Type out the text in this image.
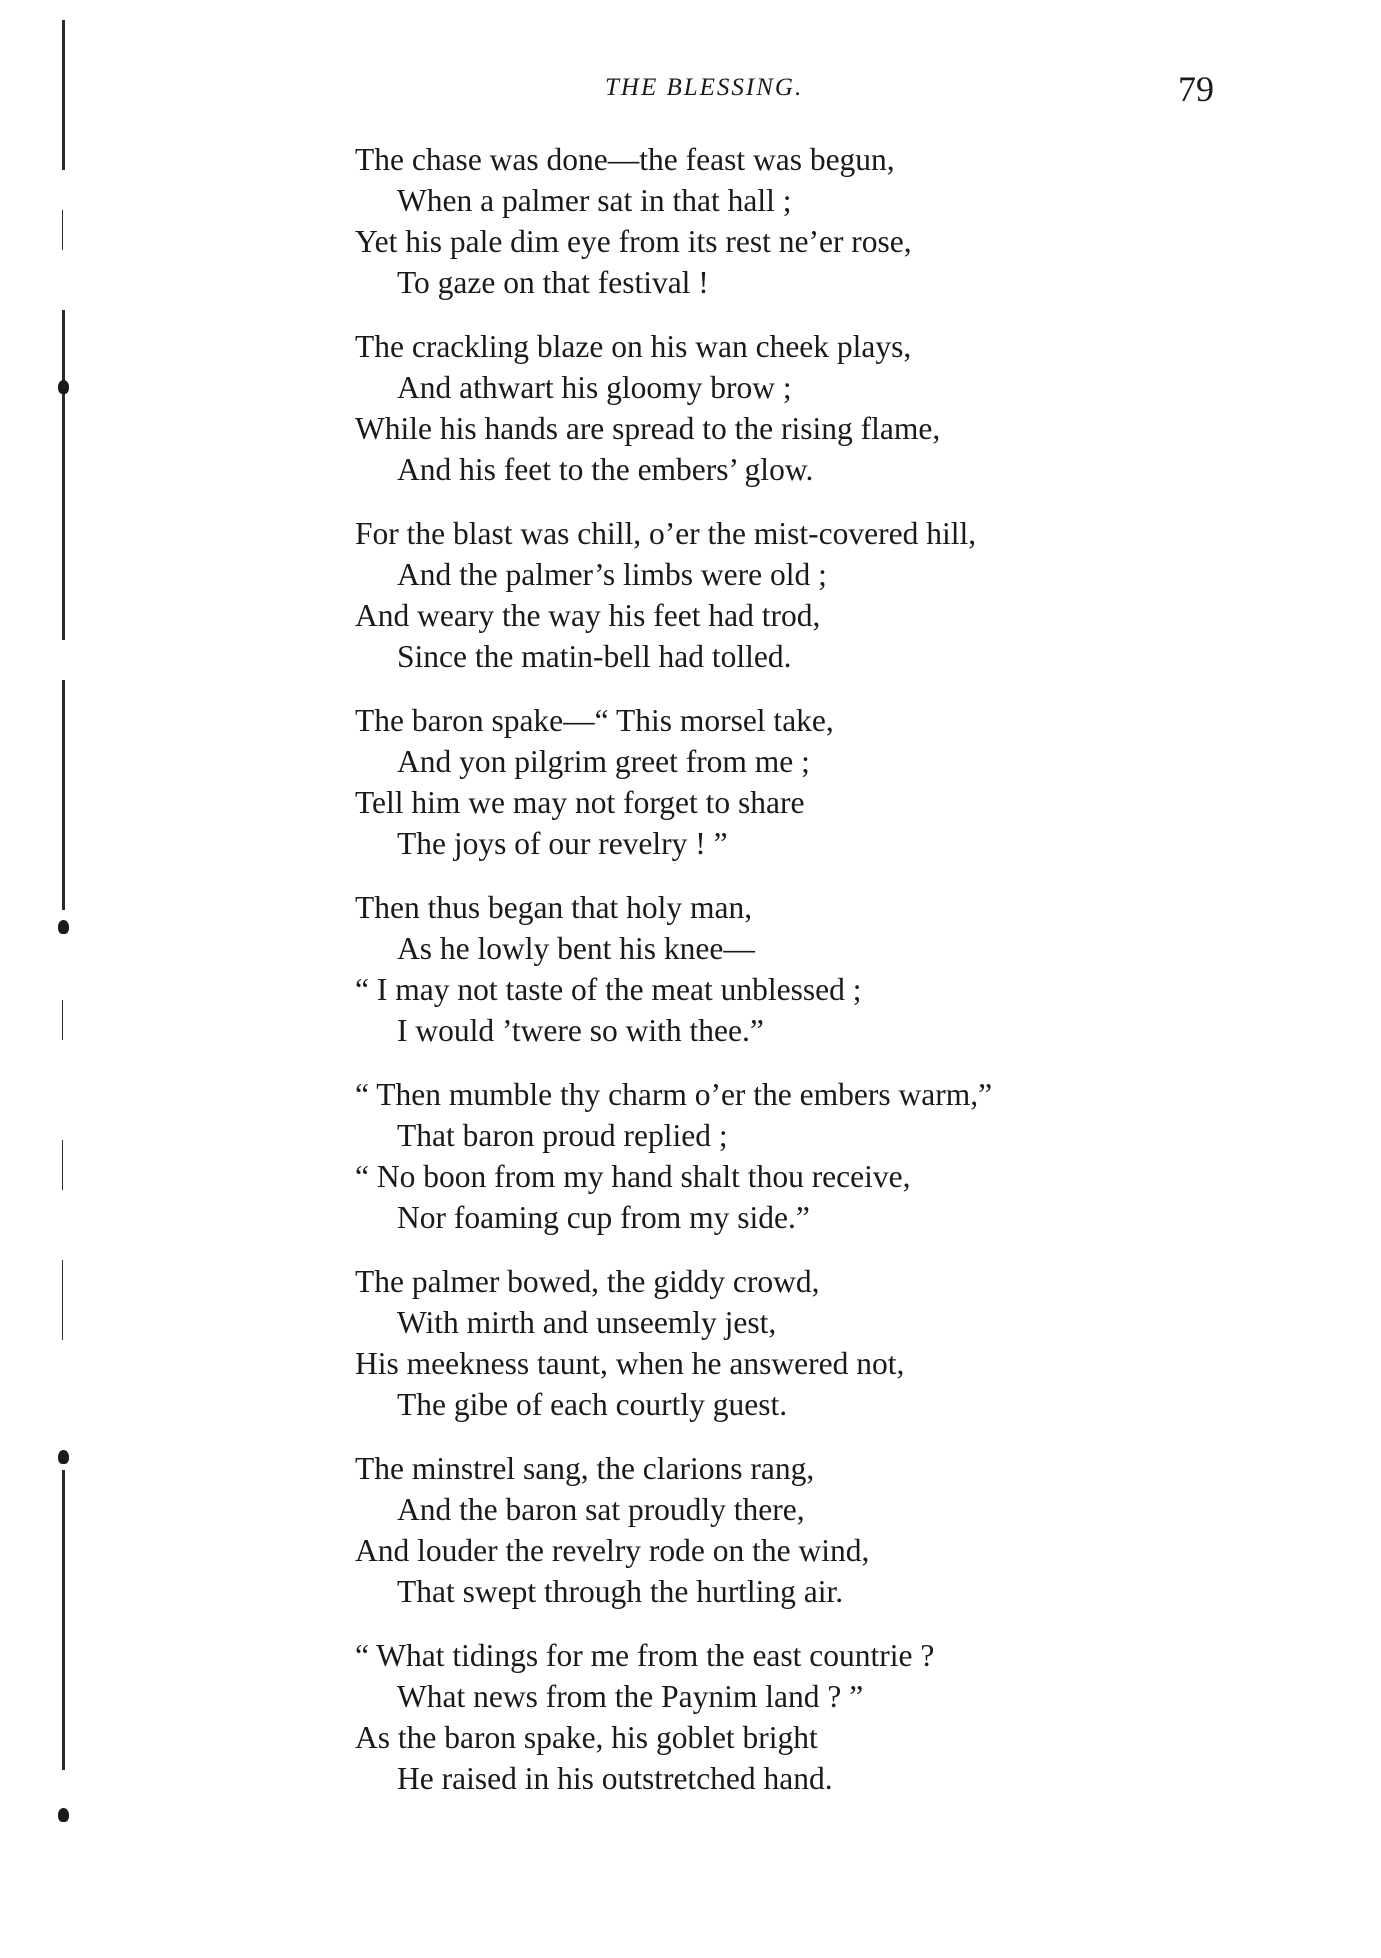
THE BLESSING.	79
The chase was done—the feast was begun,
When a palmer sat in that hall ;
Yet his pale dim eye from its rest ne’er rose,
To gaze on that festival !
The crackling blaze on his wan cheek plays,
And athwart his gloomy brow ;
While his hands are spread to the rising flame,
And his feet to the embers’ glow.
For the blast was chill, o’er the mist-covered hill,
And the palmer’s limbs were old ;
And weary the way his feet had trod,
Since the matin-bell had tolled.
The baron spake—“ This morsel take,
And yon pilgrim greet from me ;
Tell him we may not forget to share
The joys of our revelry ! ”
Then thus began that holy man,
As he lowly bent his knee—
“ I may not taste of the meat unblessed ;
I would ’twere so with thee.”
“ Then mumble thy charm o’er the embers warm,”
That baron proud replied ;
“ No boon from my hand shalt thou receive,
Nor foaming cup from my side.”
The palmer bowed, the giddy crowd,
With mirth and unseemly jest,
His meekness taunt, when he answered not,
The gibe of each courtly guest.
The minstrel sang, the clarions rang,
And the baron sat proudly there,
And louder the revelry rode on the wind,
That swept through the hurtling air.
“ What tidings for me from the east countrie ?
What news from the Paynim land ? ”
As the baron spake, his goblet bright
He raised in his outstretched hand.
